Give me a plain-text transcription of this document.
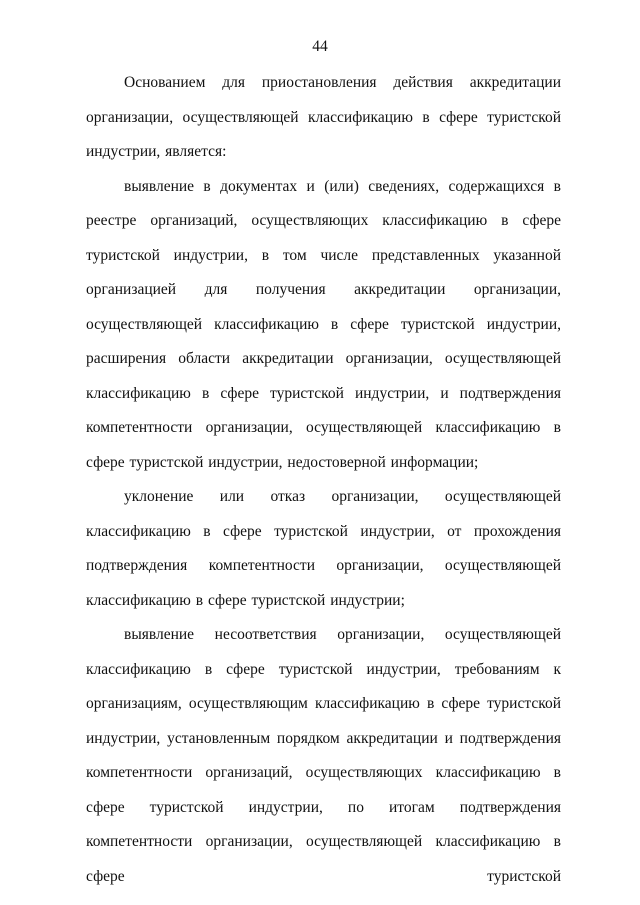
44

Основанием для приостановления действия аккредитации организации, осуществляющей классификацию в сфере туристской индустрии, является:

выявление в документах и (или) сведениях, содержащихся в реестре организаций, осуществляющих классификацию в сфере туристской индустрии, в том числе представленных указанной организацией для получения аккредитации организации, осуществляющей классификацию в сфере туристской индустрии, расширения области аккредитации организации, осуществляющей классификацию в сфере туристской индустрии, и подтверждения компетентности организации, осуществляющей классификацию в сфере туристской индустрии, недостоверной информации;

уклонение или отказ организации, осуществляющей классификацию в сфере туристской индустрии, от прохождения подтверждения компетентности организации, осуществляющей классификацию в сфере туристской индустрии;

выявление несоответствия организации, осуществляющей классификацию в сфере туристской индустрии, требованиям к организациям, осуществляющим классификацию в сфере туристской индустрии, установленным порядком аккредитации и подтверждения компетентности организаций, осуществляющих классификацию в сфере туристской индустрии, по итогам подтверждения компетентности организации, осуществляющей классификацию в сфере туристской
